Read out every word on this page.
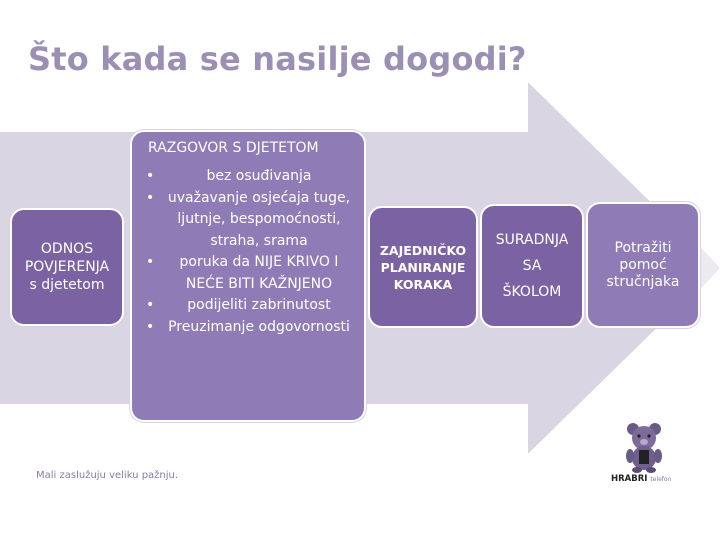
Što kada se nasilje dogodi?
ODNOS
POVJERENJA
s djetetom
RAZGOVOR S DJETETOM
• bez osuđivanja
• uvažavanje osjećaja tuge, ljutnje, bespomoćnosti, straha, srama
• poruka da NIJE KRIVO I NEĆE BITI KAŽNJENO
• podijeliti zabrinutost
• Preuzimanje odgovornosti
ZAJEDNIČKO
PLANIRANJE
KORAKA
SURADNJA
SA
ŠKOLOM
Potražiti
pomoć
stručnjaka
Mali zaslužuju veliku pažnju.	HRABRI telefon
